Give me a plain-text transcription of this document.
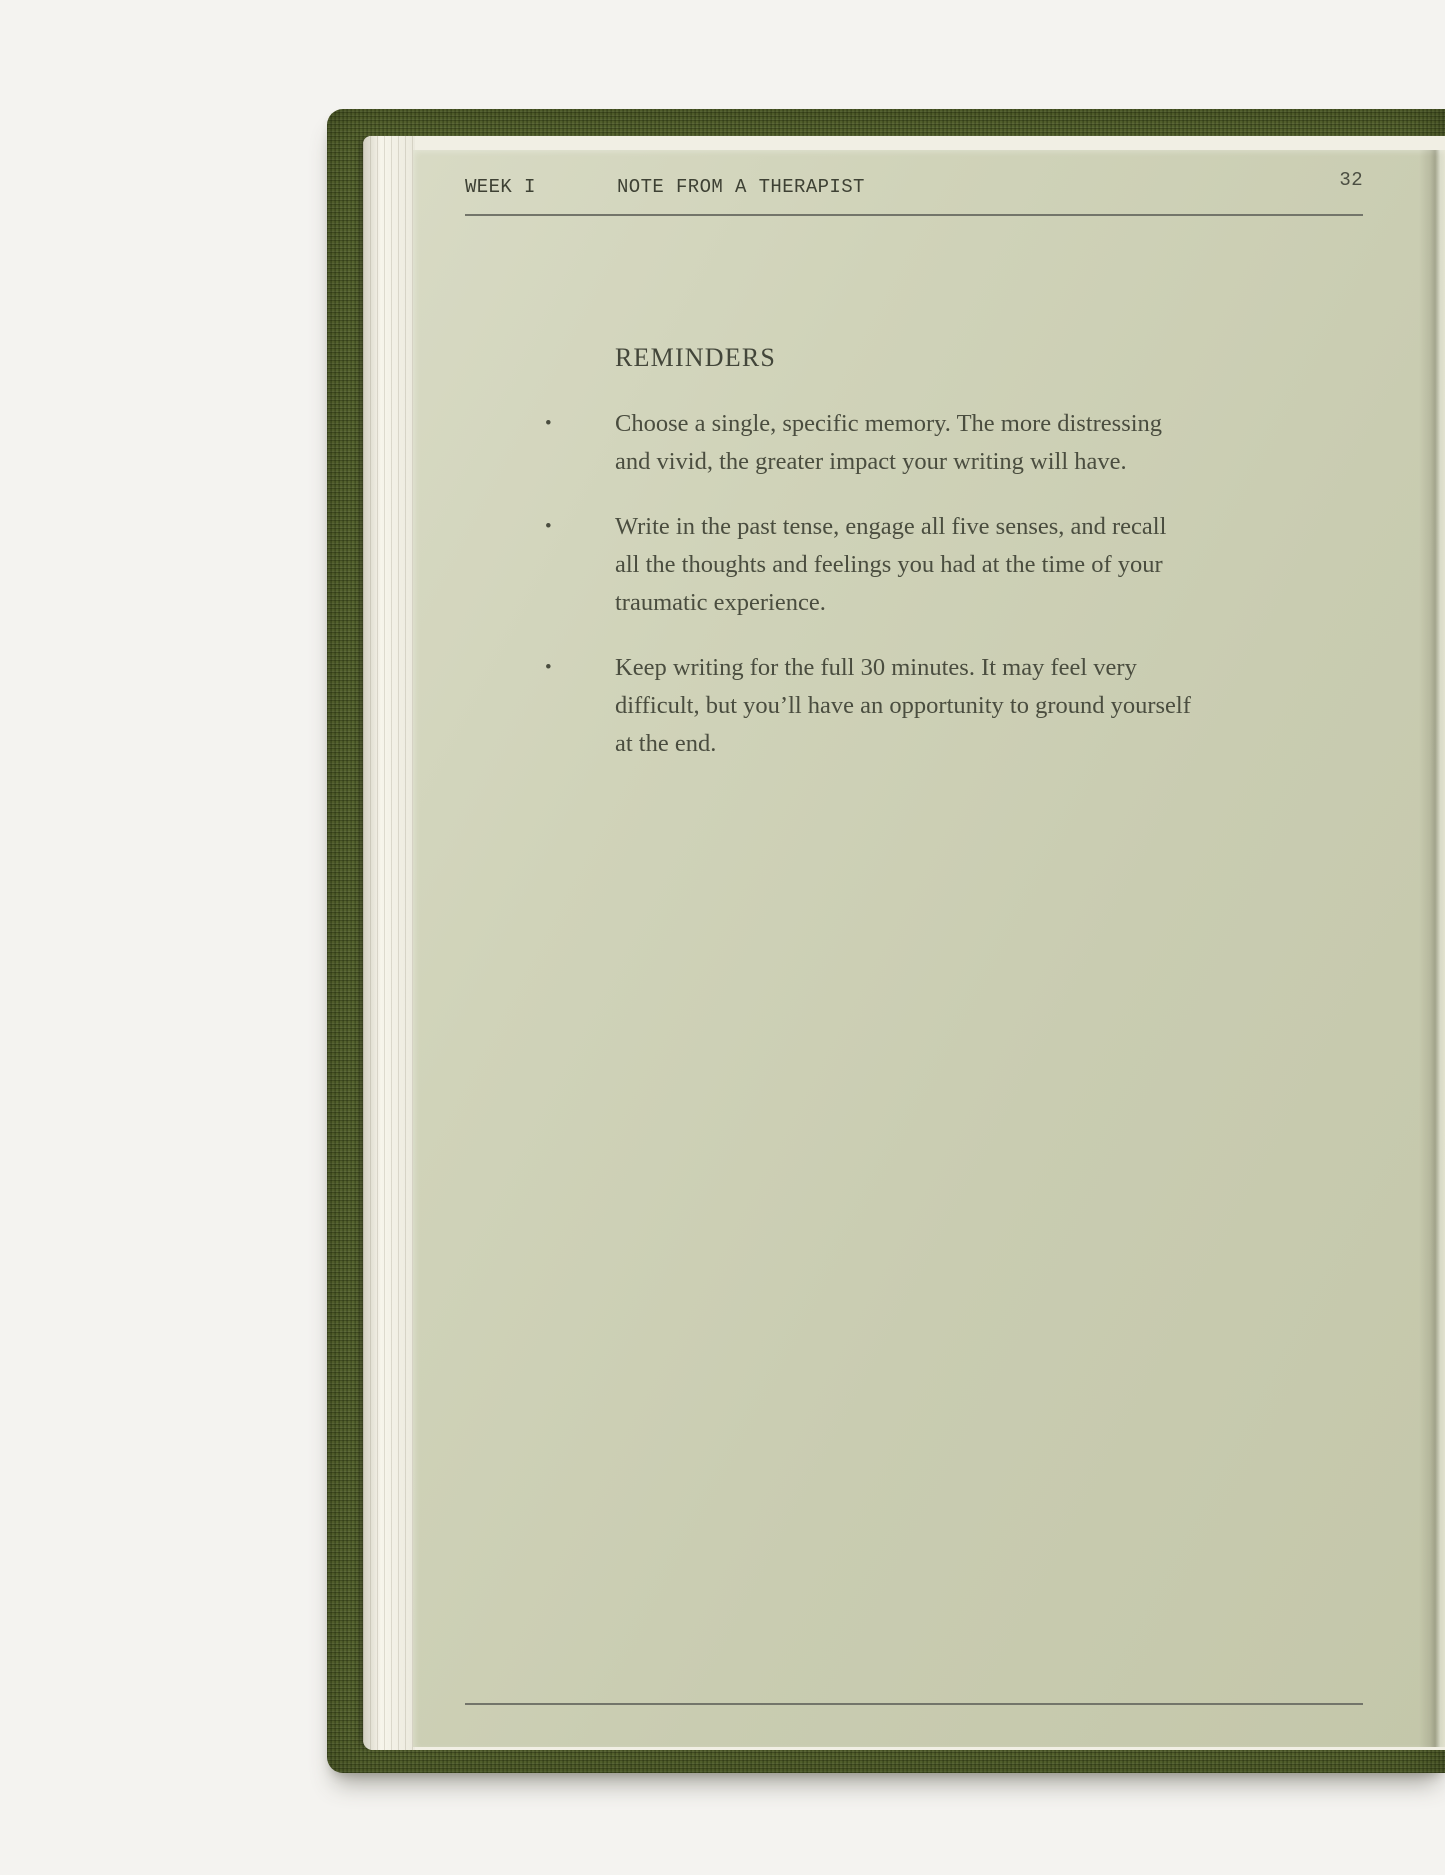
WEEK I	NOTE FROM A THERAPIST	32
REMINDERS
•	Choose a single, specific memory. The more distressing
and vivid, the greater impact your writing will have.
•	Write in the past tense, engage all five senses, and recall
all the thoughts and feelings you had at the time of your
traumatic experience.
•	Keep writing for the full 30 minutes. It may feel very
difficult, but you’ll have an opportunity to ground yourself
at the end.
